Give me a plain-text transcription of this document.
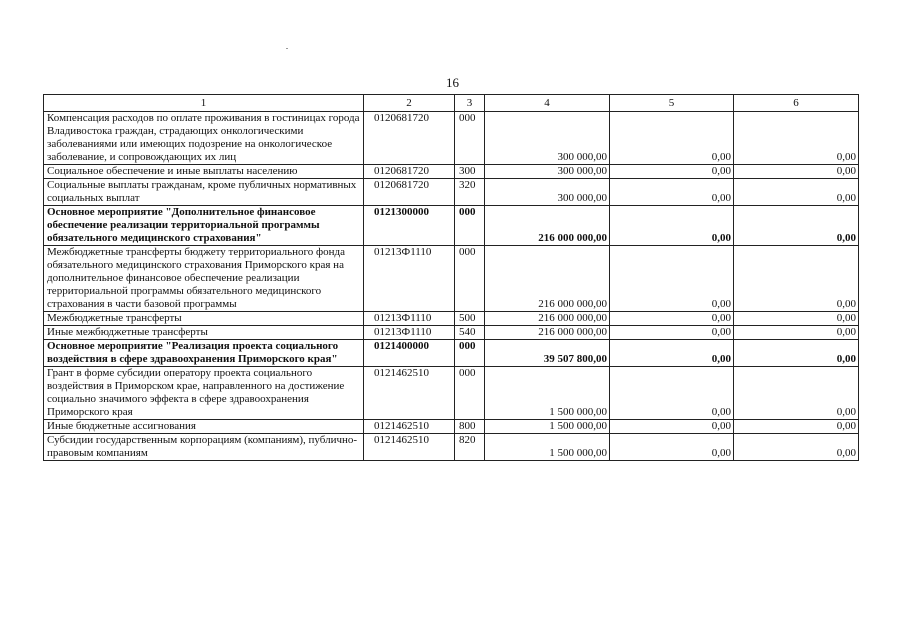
16
1	2	3	4	5	6
Компенсация расходов по оплате проживания в гостиницах города Владивостока граждан, страдающих онкологическими заболеваниями или имеющих подозрение на онкологическое заболевание, и сопровождающих их лиц	0120681720	000	300 000,00	0,00	0,00
Социальное обеспечение и иные выплаты населению	0120681720	300	300 000,00	0,00	0,00
Социальные выплаты гражданам, кроме публичных нормативных социальных выплат	0120681720	320	300 000,00	0,00	0,00
Основное мероприятие "Дополнительное финансовое обеспечение реализации территориальной программы обязательного медицинского страхования"	0121300000	000	216 000 000,00	0,00	0,00
Межбюджетные трансферты бюджету территориального фонда обязательного медицинского страхования Приморского края на дополнительное финансовое обеспечение реализации территориальной программы обязательного медицинского страхования в части базовой программы	01213Ф1110	000	216 000 000,00	0,00	0,00
Межбюджетные трансферты	01213Ф1110	500	216 000 000,00	0,00	0,00
Иные межбюджетные трансферты	01213Ф1110	540	216 000 000,00	0,00	0,00
Основное мероприятие "Реализация проекта социального воздействия в сфере здравоохранения Приморского края"	0121400000	000	39 507 800,00	0,00	0,00
Грант в форме субсидии оператору проекта социального воздействия в Приморском крае, направленного на достижение социально значимого эффекта в сфере здравоохранения Приморского края	0121462510	000	1 500 000,00	0,00	0,00
Иные бюджетные ассигнования	0121462510	800	1 500 000,00	0,00	0,00
Субсидии государственным корпорациям (компаниям), публично-правовым компаниям	0121462510	820	1 500 000,00	0,00	0,00
